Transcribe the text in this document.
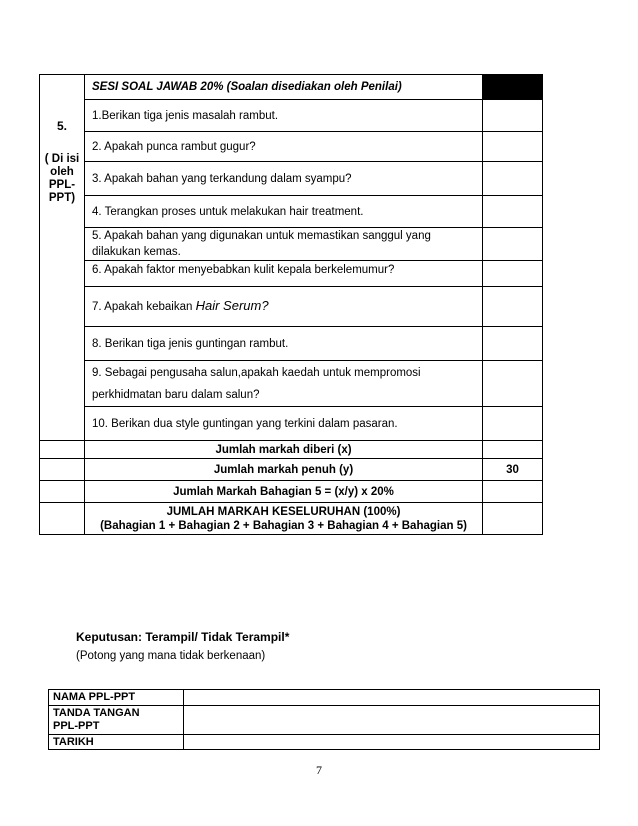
5.
( Di isi
oleh
PPL-
PPT)	SESI SOAL JAWAB 20% (Soalan disediakan oleh Penilai)	
	1.Berikan tiga jenis masalah rambut.	
	2. Apakah punca rambut gugur?	
	3. Apakah bahan yang terkandung dalam syampu?	
	4. Terangkan proses untuk melakukan hair treatment.	
	5. Apakah bahan yang digunakan untuk memastikan sanggul yang dilakukan kemas.	
	6. Apakah faktor menyebabkan kulit kepala berkelemumur?	
	7. Apakah kebaikan Hair Serum?	
	8. Berikan tiga jenis guntingan rambut.	
	9. Sebagai pengusaha salun,apakah kaedah untuk mempromosi perkhidmatan baru dalam salun?	
	10. Berikan dua style guntingan yang terkini dalam pasaran.	
	Jumlah markah diberi (x)	
	Jumlah markah penuh (y)	30
	Jumlah Markah Bahagian 5 = (x/y) x 20%	

	JUMLAH MARKAH KESELURUHAN (100%)
(Bahagian 1 + Bahagian 2 + Bahagian 3 + Bahagian 4 + Bahagian 5)	

Keputusan: Terampil/ Tidak Terampil*
(Potong yang mana tidak berkenaan)
NAMA PPL-PPT	

TANDA TANGAN
PPL-PPT	

TARIKH	
7
